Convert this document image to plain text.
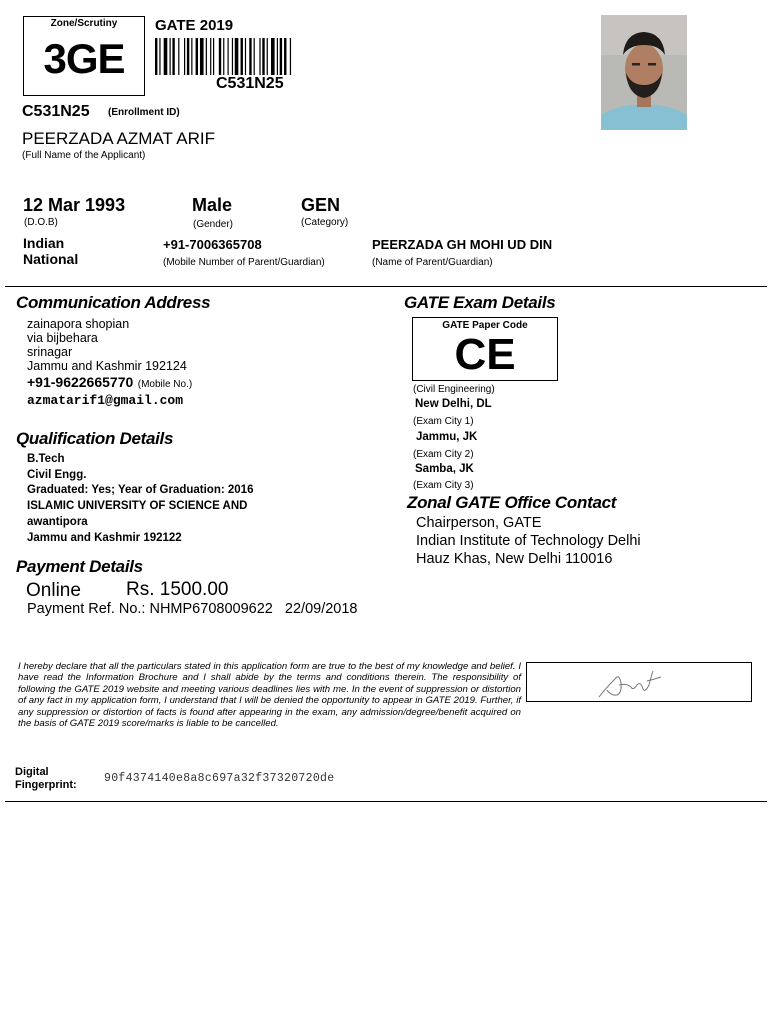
Zone/Scrutiny
3GE
GATE 2019
C531N25
C531N25 (Enrollment ID)
PEERZADA AZMAT ARIF
(Full Name of the Applicant)
12 Mar 1993
(D.O.B)
Male
(Gender)
GEN
(Category)
Indian
National
+91-7006365708
(Mobile Number of Parent/Guardian)
PEERZADA GH MOHI UD DIN
(Name of Parent/Guardian)
Communication Address
zainapora shopian
via bijbehara
srinagar
Jammu and Kashmir 192124
+91-9622665770 (Mobile No.)
azmatarif1@gmail.com
Qualification Details
B.Tech
Civil Engg.
Graduated: Yes; Year of Graduation: 2016
ISLAMIC UNIVERSITY OF SCIENCE AND
awantipora
Jammu and Kashmir 192122
Payment Details
Online Rs. 1500.00
Payment Ref. No.: NHMP6708009622   22/09/2018
GATE Exam Details
GATE Paper Code
CE
(Civil Engineering)
New Delhi, DL
(Exam City 1)
Jammu, JK
(Exam City 2)
Samba, JK
(Exam City 3)
Zonal GATE Office Contact
Chairperson, GATE
Indian Institute of Technology Delhi
Hauz Khas, New Delhi 110016
I hereby declare that all the particulars stated in this application form are true to the best of my knowledge and belief. I have read the Information Brochure and I shall abide by the terms and conditions therein. The responsibility of following the GATE 2019 website and meeting various deadlines lies with me. In the event of suppression or distortion of any fact in my application form, I understand that I will be denied the opportunity to appear in GATE 2019. Further, if any suppression or distortion of facts is found after appearing in the exam, any admission/degree/benefit acquired on the basis of GATE 2019 score/marks is liable to be cancelled.
Digital
Fingerprint: 90f4374140e8a8c697a32f37320720de
